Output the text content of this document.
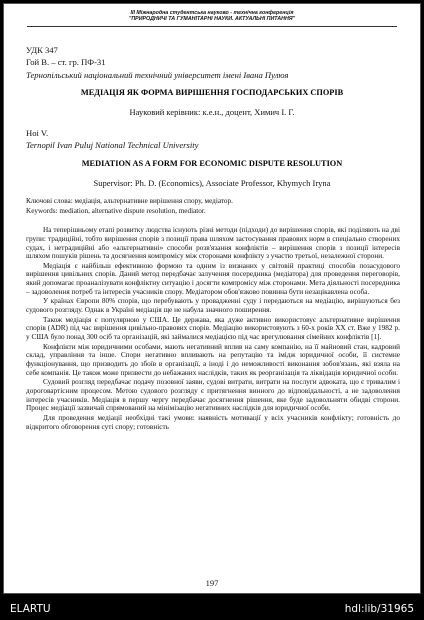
ІІІ Міжнародна студентська науково - технічна конференція
"ПРИРОДНИЧІ ТА ГУМАНІТАРНІ НАУКИ. АКТУАЛЬНІ ПИТАННЯ"
УДК 347
Гой В. – ст. гр. ПФ-31
Тернопільський національний технічний університет імені Івана Пулюя
МЕДІАЦІЯ ЯК ФОРМА ВИРІШЕННЯ ГОСПОДАРСЬКИХ СПОРІВ
Науковий керівник: к.е.н., доцент, Химич І. Г.
Hoi V.
Ternopil Ivan Puluj National Technical University
MEDIATION AS A FORM FOR ECONOMIC DISPUTE RESOLUTION
Supervisor: Ph. D. (Economics), Associate Professor, Khymych Iryna
Ключові слова: медіація, альтернативне вирішення спору, медіатор.
Keywords: mediation, alternative dispute resolution, mediator.

На теперішньому етапі розвитку людства існують різні методи (підходи) до вирішення спорів, які поділяють на дві групи: традиційні, тобто вирішення спорів з позиції права шляхом застосування правових норм в спеціально створених судах, і нетрадиційні або «альтернативні» способи розв'язання конфліктів – вирішення спорів з позиції інтересів шляхом пошуків рішень та досягнення компромісу між сторонами конфлікту з участю третьої, незалежної сторони.

Медіація є найбільш ефективною формою та одним із визнаних у світовій практиці способів позасудового вирішення цивільних спорів. Даний метод передбачає залучення посередника (медіатора) для проведення переговорів, який допомагає проаналізувати конфліктну ситуацію і досягти компромісу між сторонами. Мета діяльності посередника – задоволення потреб та інтересів учасників спору. Медіатором обов'язково повинна бути незацікавлена особа.

У країнах Європи 80% спорів, що перебувають у провадженні суду і передаються на медіацію, вирішуються без судового розгляду. Однак в Україні медіація ще не набула значного поширення.

Також медіація є популярною у США. Це держава, яка дуже активно використовує альтернативне вирішення спорів (ADR) під час вирішення цивільно-правових спорів. Медіацію використовують з 60-х років XX ст. Вже у 1982 р. у США було понад 300 осіб та організацій, які займалися медіацією під час врегулювання сімейних конфліктів [1].

Конфлікти між юридичними особами, мають негативний вплив на саму компанію, на її майновий стан, кадровий склад, управління та інше. Спори негативно впливають на репутацію та імідж юридичної особи, її системне функціонування, що призводить до збоїв в організації, а іноді і до неможливості виконання зобов'язань, які взяла на себе компанія. Це також може призвести до небажаних наслідків, таких як реорганізація та ліквідація юридичної особи.

Судовий розгляд передбачає подачу позовної заяви, судові витрати, витрати на послуги адвоката, що є тривалим і дороговартісним процесом. Метою судового розгляду є притягнення винного до відповідальності, а не задоволення інтересів учасників. Медіація в першу чергу передбачає досягнення рішення, яке буде задовольняти обидві сторони. Процес медіації зазвичай спрямований на мінімізацію негативних наслідків для юридичної особи.

Для проведення медіації необхідні такі умови: наявність мотивації у всіх учасників конфлікту; готовність до відкритого обговорення суті спору; готовність

197
ELARTU	hdl:lib/31965
